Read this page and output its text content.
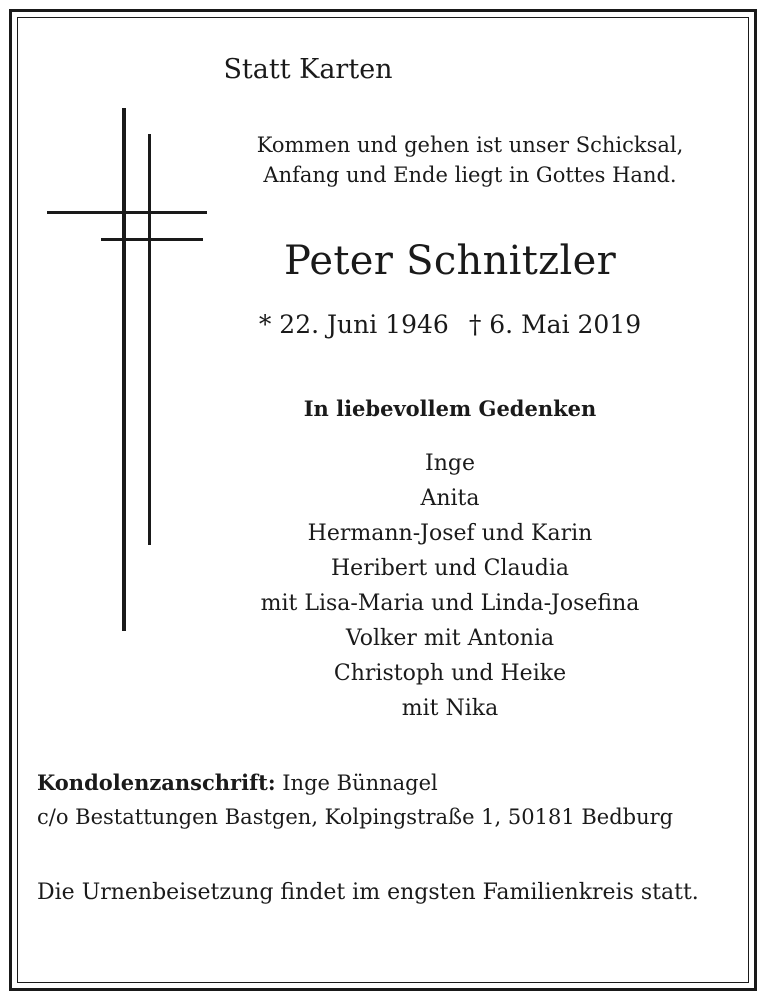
Statt Karten
Kommen und gehen ist unser Schicksal,
Anfang und Ende liegt in Gottes Hand.
Peter Schnitzler
* 22. Juni 1946 † 6. Mai 2019
In liebevollem Gedenken
Inge
Anita
Hermann-Josef und Karin
Heribert und Claudia
mit Lisa-Maria und Linda-Josefina
Volker mit Antonia
Christoph und Heike
mit Nika
Kondolenzanschrift: Inge Bünnagel
c/o Bestattungen Bastgen, Kolpingstraße 1, 50181 Bedburg
Die Urnenbeisetzung findet im engsten Familienkreis statt.
